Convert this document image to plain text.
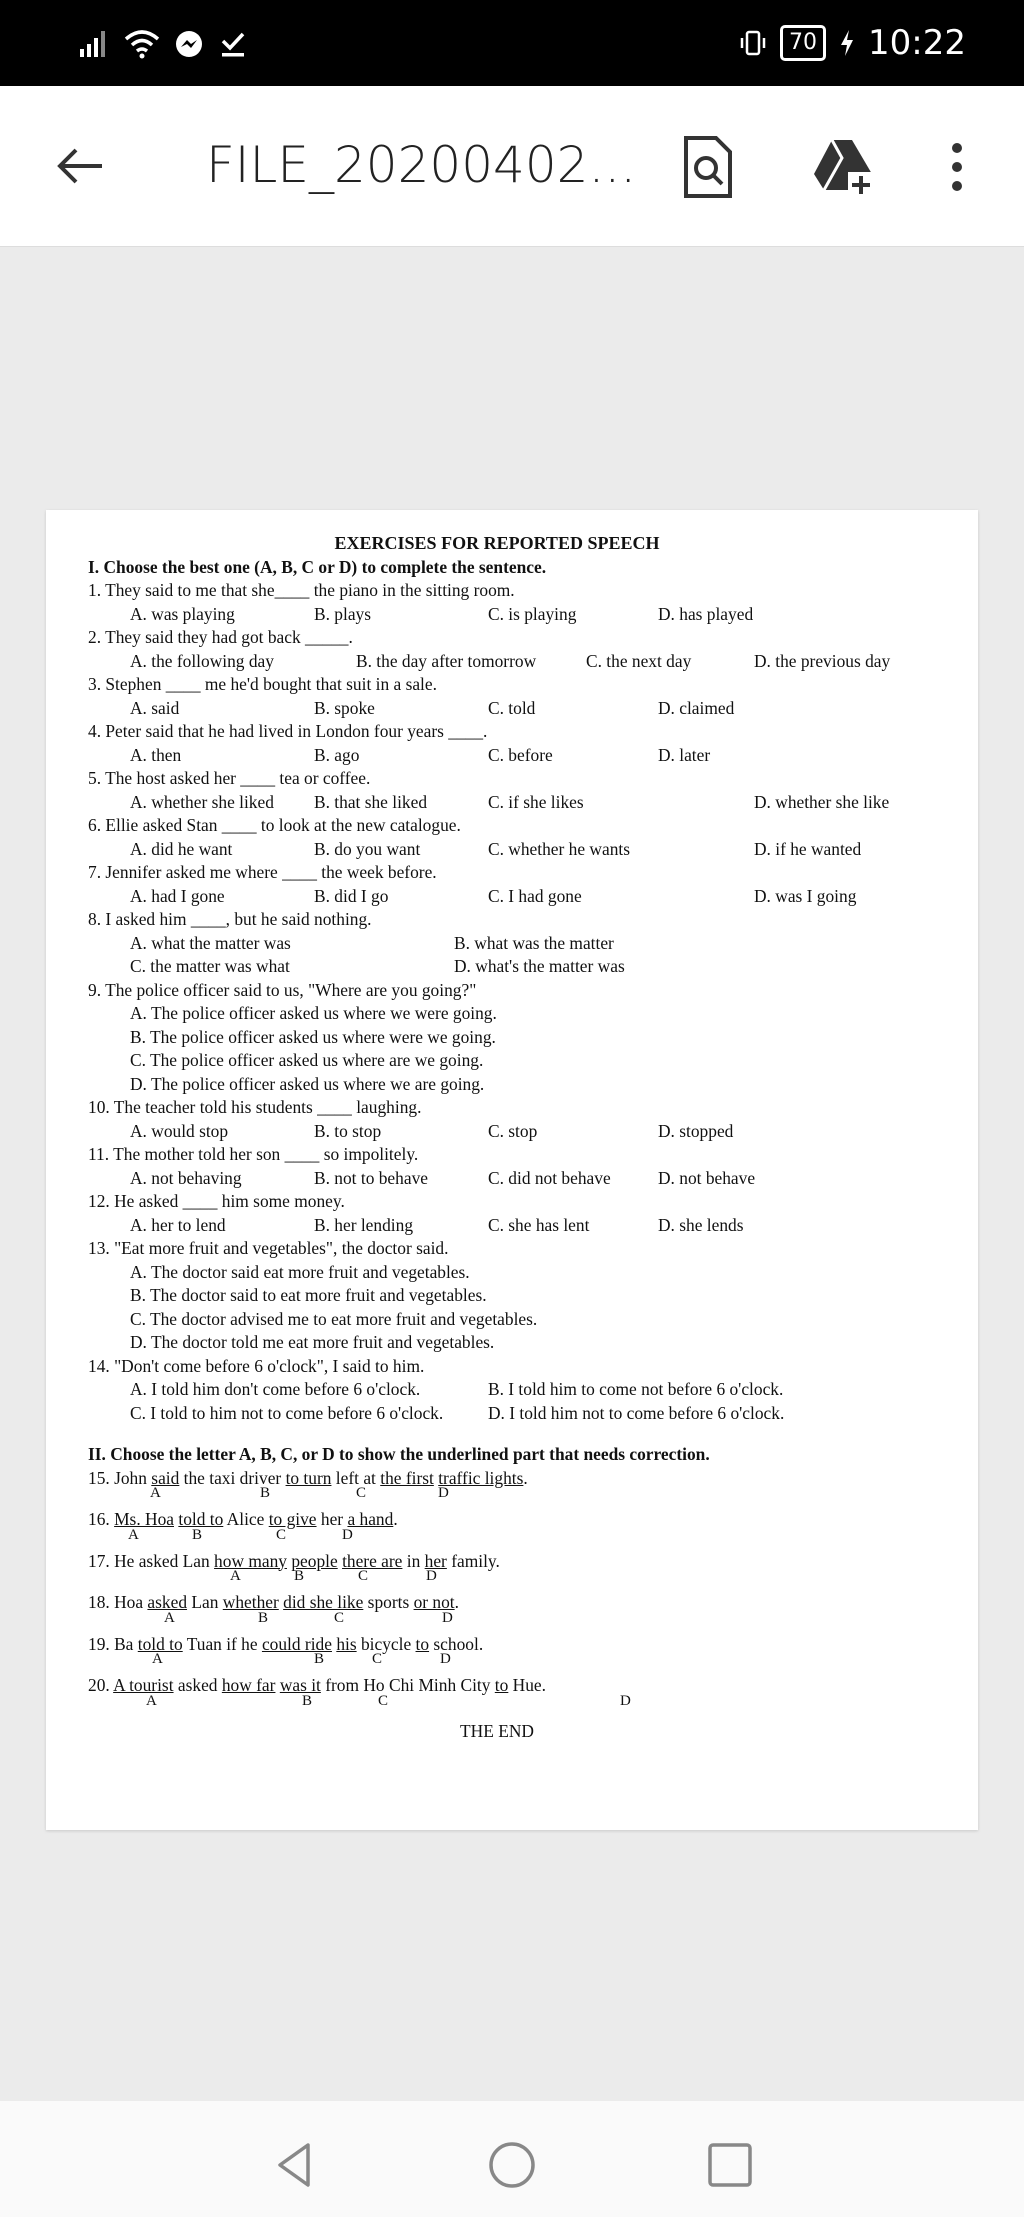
70 10:22
FILE_20200402...
EXERCISES FOR REPORTED SPEECH
I. Choose the best one (A, B, C or D) to complete the sentence.
1. They said to me that she____ the piano in the sitting room.
A. was playing	B. plays	C. is playing	D. has played
2. They said they had got back _____.
A. the following day	B. the day after tomorrow	C. the next day	D. the previous day
3. Stephen ____ me he'd bought that suit in a sale.
A. said	B. spoke	C. told	D. claimed
4. Peter said that he had lived in London four years ____.
A. then	B. ago	C. before	D. later
5. The host asked her ____ tea or coffee.
A. whether she liked B. that she liked	C. if she likes	D. whether she like
6. Ellie asked Stan ____ to look at the new catalogue.
A. did he want	B. do you want	C. whether he wants	D. if he wanted
7. Jennifer asked me where ____ the week before.
A. had I gone	B. did I go	C. I had gone	D. was I going
8. I asked him ____, but he said nothing.
A. what the matter was	B. what was the matter
C. the matter was what	D. what's the matter was
9. The police officer said to us, "Where are you going?"
A. The police officer asked us where we were going.
B. The police officer asked us where were we going.
C. The police officer asked us where are we going.
D. The police officer asked us where we are going.
10. The teacher told his students ____ laughing.
A. would stop	B. to stop	C. stop	D. stopped
11. The mother told her son ____ so impolitely.
A. not behaving	B. not to behave	C. did not behave	D. not behave
12. He asked ____ him some money.
A. her to lend	B. her lending	C. she has lent	D. she lends
13. "Eat more fruit and vegetables", the doctor said.
A. The doctor said eat more fruit and vegetables.
B. The doctor said to eat more fruit and vegetables.
C. The doctor advised me to eat more fruit and vegetables.
D. The doctor told me eat more fruit and vegetables.
14. "Don't come before 6 o'clock", I said to him.
A. I told him don't come before 6 o'clock.	B. I told him to come not before 6 o'clock.
C. I told to him not to come before 6 o'clock.	D. I told him not to come before 6 o'clock.
II. Choose the letter A, B, C, or D to show the underlined part that needs correction.
15. John said the taxi driver to turn left at the first traffic lights.
A	B	C	D
16. Ms. Hoa told to Alice to give her a hand.
A	B	C	D
17. He asked Lan how many people there are in her family.
A	B	C	D
18. Hoa asked Lan whether did she like sports or not.
A	B	C	D
19. Ba told to Tuan if he could ride his bicycle to school.
A	B	C	D
20. A tourist asked how far was it from Ho Chi Minh City to Hue.
A	B	C	D
THE END
